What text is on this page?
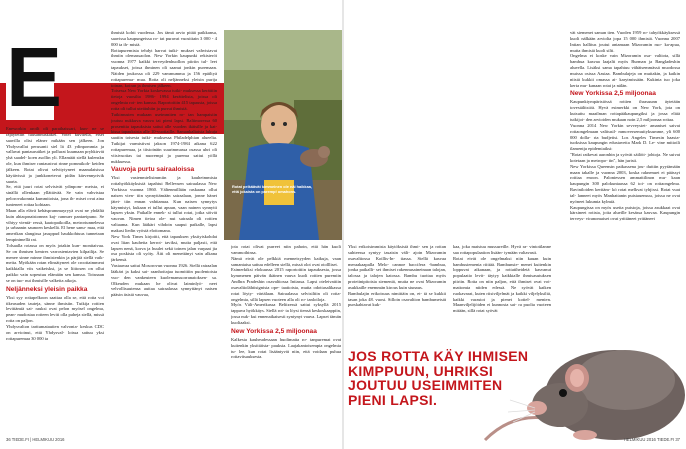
E

Eneworkin aroilt oli parathaissari, kun- ne se räjäytetiin tuusannuskakel. Votel kuvitella, etset saavilla olisi eläner mikään sen jälkeen. Jon Yhdysvallat perusanti siel lä 43 ydinpommia ja vallavat pantaurutiket ja pollurat kuumaan pryhkirvät yhä saadel- koen asollin yli. Ellamäät siellä kulenskn ole, kun ihmiser rantaustvat rinne pommikoh- keiden jälkeen. Rotat olivat selvitytyneet maanalaisissa käytävissä ja junkkonetevat pidän kärvennyrivik saarta.

Se, että juuri rotat selvisivät ydinpom- meista, ei sinällä ollenkaan yllättävää. Se vain vahvistaa pelorovakonnia kummitoista, jona ih- miset ovat aina tunteneet rottaa kohtaan.

Maan alla elävä kehäsprammayryyä ovat ne yhdältä kuin ahtaqonaistonnea kaj- rannuer pantaeipuno. Se vihtyy vientä- ressä, kaatopaikoilla, metroriunnelessa ja urbaanin saunoen keskellä. El hene sanu- maa, että amerikan slangissa jasuppud haukkohtuus tunnetaan lempinimellä rat.

Tolsaalla rotassa on myös jotakin kun- monitaivaa. Se on ihmisen kentres varrostentavien kilpailija. Se menee sinne minne ihmistenkin ja pärjää siellä vaik- meita. Myökään rotan elinsätyneet ole croottaimmeat kaikkialla viis vaikeisksi, ja se liittosen on ollut paikko vain sopeutuu elämään sen kanssa. Toisnaan se on tuo- nut ihmisille valkeita aikoja.

Neljänneksi yleisin paikka

Yksi syy rottapelkoon saattaa olla se, että rotta voi tikeasuden tauteja, sänne ihmisiin. Tutkija rottien levittämiä sai- rauksi ovat pelon myösel ongelma, pean- mudostaa rotteen leviti olla paheja siellä, missä rotta on paljon.

Yhdysvalton tarttumatautien valvonta- keskus CDC on arvioinut, että Yhdysval- loissa sattuu yksi rottapuremaa 30 000 ia

ihmistä kohti vuodessa. Jos tämä arvio pitää paikkansa, saavissa kaupungeissa ro- tat puravat vuosittain 3 000 - 4 000 ta ih- mistä.

Rottapuremista tehdyt harvat tutki- mukset vahvistavat ihmiin olemassaolon. New Yorkin kaupunki rekisteröi vuonna 1977 kaikki terveydenhuollon piiriin tul- leet tapaukset, joissa ihminen oli saanut jonkin puremaan. Näiden joukossa oli 229 vammumma ja 156 epäiltyä rottapurema- mua. Rotta oli neljänneksi yleisin purija ioinan, koiran ja ihmisen jälkeen.

Toisessa New Yorkia koskevassa tutki- muksessa kerättiin tietoja vuosilta 1986- 1994 kerättelista, joissa oli ongelmia rot- ten kanssa. Raportoitiin 415 tapausta, joissa rotta oli tullut uteätuhiin ja purrut ihmistä.

Tutkimusten mukaan useimmiten ro- tan hampaisiin joutuu nukkuva vauva tai pieni lapsi. Baltimoressa 60 prosenttia tapauksista sattui alle vuoden ikäisille ja kat- kissa tapauksista alle 10-vuotiaille. Samankaltaisia lukuja saatiin toisesta tutki- muksessa Philadelphian alueelta. Tutkijat varmistivat jakson 1974-1984 aikana 622 rottapuremaa, ja tiistoinäin suurimmassa osassa uhri oli viisivuotias tai nuorempi ja purema sattui yöllä nukkuessa.

Vauvoja purtu sairaaloissa

Yksi vastenmielisimmiin ja kauheimmista rottahyökkäyksistä tapahtui Bellevuen sairaalassa New Yorkissa vuonna 1860. Vältenmillään raskaana ollut naisen vien- tiin synnyttämään sairaalaan, jonne hänet jätet- tiin ennan vahtiamaa. Kun naisen synnytys käynnistyi, kukaan ei tullut apuun, vaan nainen synnytti lapsen yksin. Paikalle ennek- si tullut rotat, jotka söivät vauvan. Nimen tietoa ole- nut sairaala oli rottien valtaama. Kun lääkäri vihdoin saapui paikalle, lapsi makasi liedin vyöstä elottomana.

New York Times kirjoitti, että tapauksen yksityiskohdat ovat liian kauheita kerrot- taviksi, mutta paljasti, että lapsen nenä, korva ja huulet sekä toinen jalan varpaat jia osa poskista oli syöty. Äiti oli menettänyt vain alkana järkensä.

Vastaavaa sattui Mosorovun vuonna 1926. Siellä rairaalan lääkäri ja kaksi sai- raanhoitajaa tuomittiin puolentoista vuo- den vankeuteen kuolemansuorranatoksen- sa. Olkeuden mukaan he olivat laiminlyö- neet velvollisuutensa auttaa sairaalassa synnyttänyt naisen pääsin äsistä vauvaa,

Rotat pelkäävät kimmeinen ole näi haikkaa, että jokaista on paremp! omahons.

jota rotat olivat purreet niin pahoin, että hän kuoli vammoihinsa.

Nämä eivät ole pelkkiä menneisyyden kaikuja, vaan samantaisa sattuu edelleen siellä, missä olot ovat otollliset.

Esimerkiksi elokuussa 2015 raportoitiin tapauksesta, jossa kymmenen päivän ikäinen vauva kuoli rottien puremiin Andhra Pradeshin osavaltiossa Intiassa. Lapsi oteleivattiin osavaltiolähtisignista ope- taatioista, mutta odottasalikassa rotat löyty- värtälaan. Sairaalassa selvisiltiin oli rotta- ongelmia, sillä lapsen vuoteen alla oli ro- tanloiloja.

Myös Väli-Amerikassa Beliizessä sattui syksyllä 2015 tappava hyökkäys. Siellä rot- ta löysi tiensä keskoskaappiin, jossa nuk- kui ennenaikaisesti syntynyt vauva. Lapset tämän kuoliaaksi.

New Yorkissa 2,5 miljoonaa

Kalkesta kauheudessaan huolimatta ro- tanpuremat ovat kuitenkin yksittäista- pauksia. Laajakantoisempia ongelmia tu- lee, kun rotat lisääntyvät niin, että voidaan puhua rottavitsauksesta.

Yksi erikoisimmista käytöksistä ihmi- sen ja rottan suhteessa syntyy tasaisin väli- ajoin Mizoramin osavaltiossa Koillis-In- tiassa. Siellä kasvaa meraakaapalla Melo- cannoe baccifera -bambua, jonka paikalli- set ihmiset rakennusaineinaan talojan, talossa ja talojen katossa. Bambu tuottaa myös proteiinipitoisia siemeniä, mutta ne ovat Mizoramin asukkaille enemmän kirous kuin siunaus.

Bambulajin erikoisuus nimittäin on, et- tä se kukkii tasan joka 48. vuosi. Silloin osavaltion bambumetsät purskahtavat kuk-

kaa, joka maistuu mussureille. Hyvä ra- vintotilanne saa rottapopulaation lisään- tymään valtavasti.

Rotat eivät ole ongelmaksi niin kauan kuin bambusiemenia riittää. Bambunsie- menet kuitenkin loppuvat aikanaan, ja rottatiheidetä kasvanut populaatio levit- täytyy kaikkialle ihmisasutuksen piiriin. Rotta on niin paljon, että ihmiset ovat voi- mattomia niiden edessä. Ne syövät kaiken ruokavarat, kuten riisiviljelmät ja kaikki viljelyksiltä, kaikki varastot ja pienet kotiel- menien. Maanviljelijöiden ei kunnosta sai- ra puolia vuoteen mitään, sillä rotat syövät

vät siemenet saman tien. Vuoden 1959 ro- tahyökkäyksessä kuoli nälkään arviolta jopa 15 000 ihmistä. Vuonna 2007 Intian hallitus joutui antamaan Mizoramin ruo- ka-apua, mutta ihmisiä kuoli silti.

Ongelma ei koske vain Mizoramin osa- valtiota, sillä bambua kasvaa laajalti myös Burman ja Bangladeshin alueella. Lisäksi sama tapahtuu vähäisemmässä muodossa muissa osissa Aasiaa. Bambulajeja on muitakin, ja kaikin niistä kukkii omassa ai- karytmissään. Kukinta tuo joka kerta mu- kanaan rotat ja nälän.

New Yorkissa 2,5 miljoonaa

Kaupunkiympäristössä rottien ihrasuunn äytetään tovestälitstöä. Hyvä esimerkki on New York, jota on kutsuttu maailman rottapääkaupungiksi ja jossa eläiä tutkijoi- den arvioiden mukaan noin 2,5 miljoonaa rottaa.

Vuonna 2014 New Yorkin sevveystet- amaniset saivat rottaongelmaan valitusil- mmoversemuityksumme, yli 600 000 dolla- ria budjetisi. Los Angeles Timesin haasta- tuoksissa kaupungin edustavetta Mark D. Le- vine mittoili ilamentja epidemiaiksi:

"Rotat ratkevat aaronhin ja syövät säilöit- johtoja. Ne suivat kotetaan ja metropo- tin", hän juristi.

New Yorkissa Queensin paikassena jou- duttiin pyytämään maan takalle ja vuonna 2003, koska raknenuet ei päässyt rottiaa enoon. Paloniessen ammattilinon mu- kaan kaupungin 300 palokuntaassa 62 toi- on rottaongelma. Raviniloiden keritäm- kö rotat melkvat tyhjixsi. Rotat vuat tal- lanneet myös Manhattanin puistauensuu, joissa ne ovat nyöneet lukumia kylmiä.

Kaupungissa on myös useita puistoja, joissa asukkaat ovat kärsineet rotista, joita alueille kesässa kasvaa. Kaupungin terveys- viranomaiset ovat yrittäneet yrittäneet

JOS ROTTA KÄY IHMISEN KIMPPUUN, UHRIKSI JOUTUU USEIMMITEN PIENI LAPSI.
36 TIEDE.FI | HELMIKUU 2016	HELMIKUU 2016 TIEDE.FI 37
